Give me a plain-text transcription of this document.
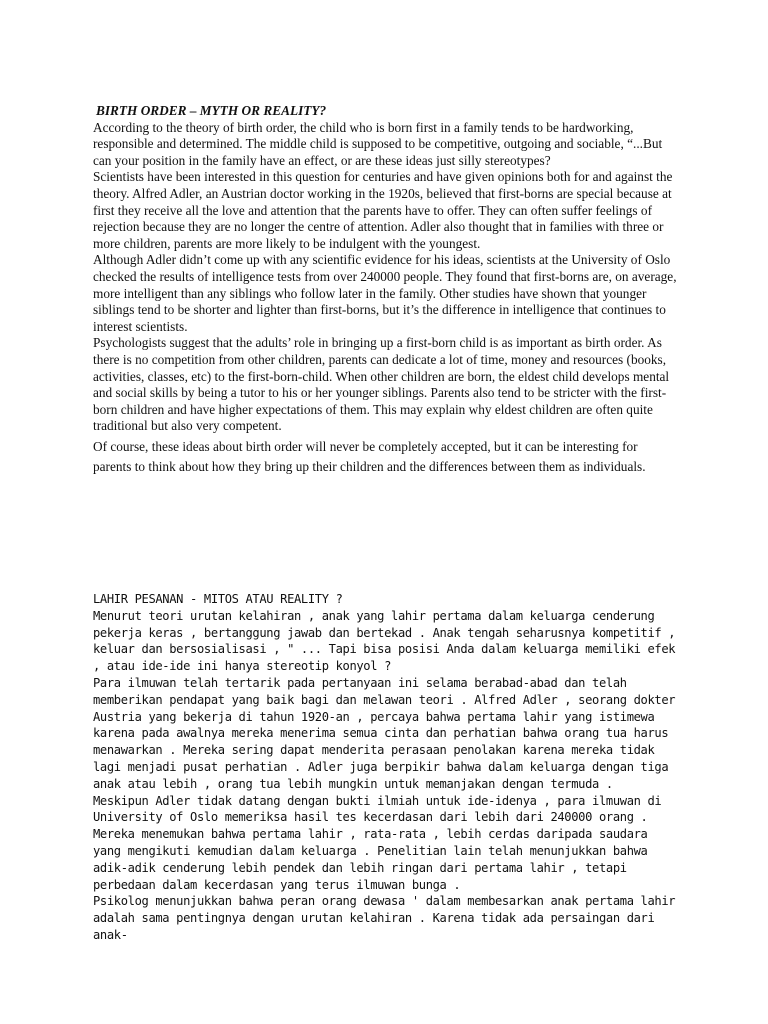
BIRTH ORDER – MYTH OR REALITY?

According to the theory of birth order, the child who is born first in a family tends to be hardworking, responsible and determined. The middle child is supposed to be competitive, outgoing and sociable, “...But can your position in the family have an effect, or are these ideas just silly stereotypes?

Scientists have been interested in this question for centuries and have given opinions both for and against the theory. Alfred Adler, an Austrian doctor working in the 1920s, believed that first-borns are special because at first they receive all the love and attention that the parents have to offer. They can often suffer feelings of rejection because they are no longer the centre of attention. Adler also thought that in families with three or more children, parents are more likely to be indulgent with the youngest.

Although Adler didn’t come up with any scientific evidence for his ideas, scientists at the University of Oslo checked the results of intelligence tests from over 240000 people. They found that first-borns are, on average, more intelligent than any siblings who follow later in the family. Other studies have shown that younger siblings tend to be shorter and lighter than first-borns, but it’s the difference in intelligence that continues to interest scientists.

Psychologists suggest that the adults’ role in bringing up a first-born child is as important as birth order. As there is no competition from other children, parents can dedicate a lot of time, money and resources (books, activities, classes, etc) to the first-born-child. When other children are born, the eldest child develops mental and social skills by being a tutor to his or her younger siblings. Parents also tend to be stricter with the first-born children and have higher expectations of them. This may explain why eldest children are often quite traditional but also very competent.

Of course, these ideas about birth order will never be completely accepted, but it can be interesting for parents to think about how they bring up their children and the differences between them as individuals.

LAHIR PESANAN - MITOS ATAU REALITY ?

Menurut teori urutan kelahiran , anak yang lahir pertama dalam keluarga cenderung pekerja keras , bertanggung jawab dan bertekad . Anak tengah seharusnya kompetitif , keluar dan bersosialisasi , " ... Tapi bisa posisi Anda dalam keluarga memiliki efek , atau ide-ide ini hanya stereotip konyol ?

Para ilmuwan telah tertarik pada pertanyaan ini selama berabad-abad dan telah memberikan pendapat yang baik bagi dan melawan teori . Alfred Adler , seorang dokter Austria yang bekerja di tahun 1920-an , percaya bahwa pertama lahir yang istimewa karena pada awalnya mereka menerima semua cinta dan perhatian bahwa orang tua harus menawarkan . Mereka sering dapat menderita perasaan penolakan karena mereka tidak lagi menjadi pusat perhatian . Adler juga berpikir bahwa dalam keluarga dengan tiga anak atau lebih , orang tua lebih mungkin untuk memanjakan dengan termuda .

Meskipun Adler tidak datang dengan bukti ilmiah untuk ide-idenya , para ilmuwan di University of Oslo memeriksa hasil tes kecerdasan dari lebih dari 240000 orang . Mereka menemukan bahwa pertama lahir , rata-rata , lebih cerdas daripada saudara yang mengikuti kemudian dalam keluarga . Penelitian lain telah menunjukkan bahwa adik-adik cenderung lebih pendek dan lebih ringan dari pertama lahir , tetapi perbedaan dalam kecerdasan yang terus ilmuwan bunga .

Psikolog menunjukkan bahwa peran orang dewasa ' dalam membesarkan anak pertama lahir adalah sama pentingnya dengan urutan kelahiran . Karena tidak ada persaingan dari anak-
